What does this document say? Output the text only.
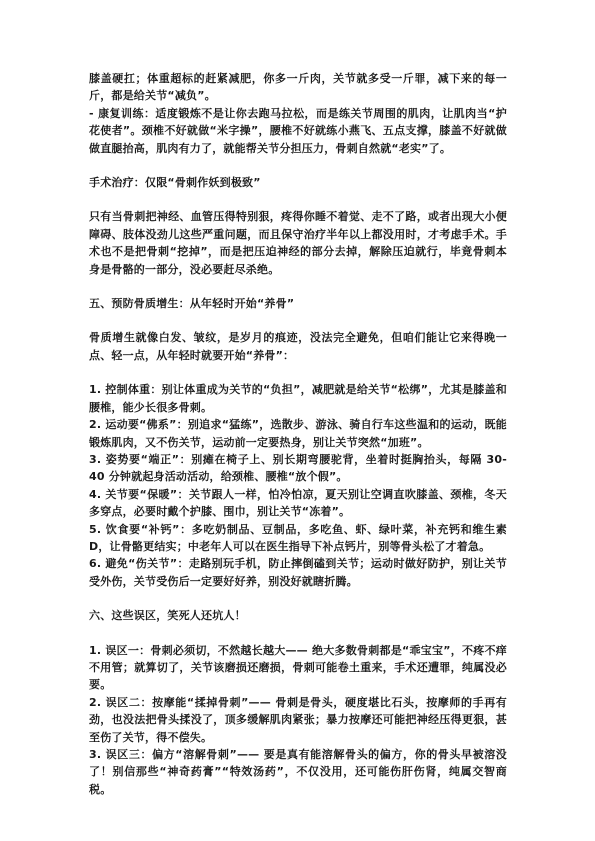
膝盖硬扛；体重超标的赶紧减肥，你多一斤肉，关节就多受一斤罪，减下来的每一斤，都是给关节“减负”。

- 康复训练：适度锻炼不是让你去跑马拉松，而是练关节周围的肌肉，让肌肉当“护花使者”。颈椎不好就做“米字操”，腰椎不好就练小燕飞、五点支撑，膝盖不好就做做直腿抬高，肌肉有力了，就能帮关节分担压力，骨刺自然就“老实”了。

手术治疗：仅限“骨刺作妖到极致”

只有当骨刺把神经、血管压得特别狠，疼得你睡不着觉、走不了路，或者出现大小便障碍、肢体没劲儿这些严重问题，而且保守治疗半年以上都没用时，才考虑手术。手术也不是把骨刺“挖掉”，而是把压迫神经的部分去掉，解除压迫就行，毕竟骨刺本身是骨骼的一部分，没必要赶尽杀绝。

五、预防骨质增生：从年轻时开始“养骨”

骨质增生就像白发、皱纹，是岁月的痕迹，没法完全避免，但咱们能让它来得晚一点、轻一点，从年轻时就要开始“养骨”：

1. 控制体重：别让体重成为关节的“负担”，减肥就是给关节“松绑”，尤其是膝盖和腰椎，能少长很多骨刺。

2. 运动要“佛系”：别追求“猛练”，选散步、游泳、骑自行车这些温和的运动，既能锻炼肌肉，又不伤关节，运动前一定要热身，别让关节突然“加班”。

3. 姿势要“端正”：别瘫在椅子上、别长期弯腰驼背，坐着时挺胸抬头，每隔 30-40 分钟就起身活动活动，给颈椎、腰椎“放个假”。

4. 关节要“保暖”：关节跟人一样，怕冷怕凉，夏天别让空调直吹膝盖、颈椎，冬天多穿点，必要时戴个护膝、围巾，别让关节“冻着”。

5. 饮食要“补钙”：多吃奶制品、豆制品，多吃鱼、虾、绿叶菜，补充钙和维生素 D，让骨骼更结实；中老年人可以在医生指导下补点钙片，别等骨头松了才着急。

6. 避免“伤关节”：走路别玩手机，防止摔倒磕到关节；运动时做好防护，别让关节受外伤，关节受伤后一定要好好养，别没好就瞎折腾。

六、这些误区，笑死人还坑人！

1. 误区一：骨刺必须切，不然越长越大—— 绝大多数骨刺都是“乖宝宝”，不疼不痒不用管；就算切了，关节该磨损还磨损，骨刺可能卷土重来，手术还遭罪，纯属没必要。

2. 误区二：按摩能“揉掉骨刺”—— 骨刺是骨头，硬度堪比石头，按摩师的手再有劲，也没法把骨头揉没了，顶多缓解肌肉紧张；暴力按摩还可能把神经压得更狠，甚至伤了关节，得不偿失。

3. 误区三：偏方“溶解骨刺”—— 要是真有能溶解骨头的偏方，你的骨头早被溶没了！别信那些“神奇药膏”“特效汤药”，不仅没用，还可能伤肝伤肾，纯属交智商税。
